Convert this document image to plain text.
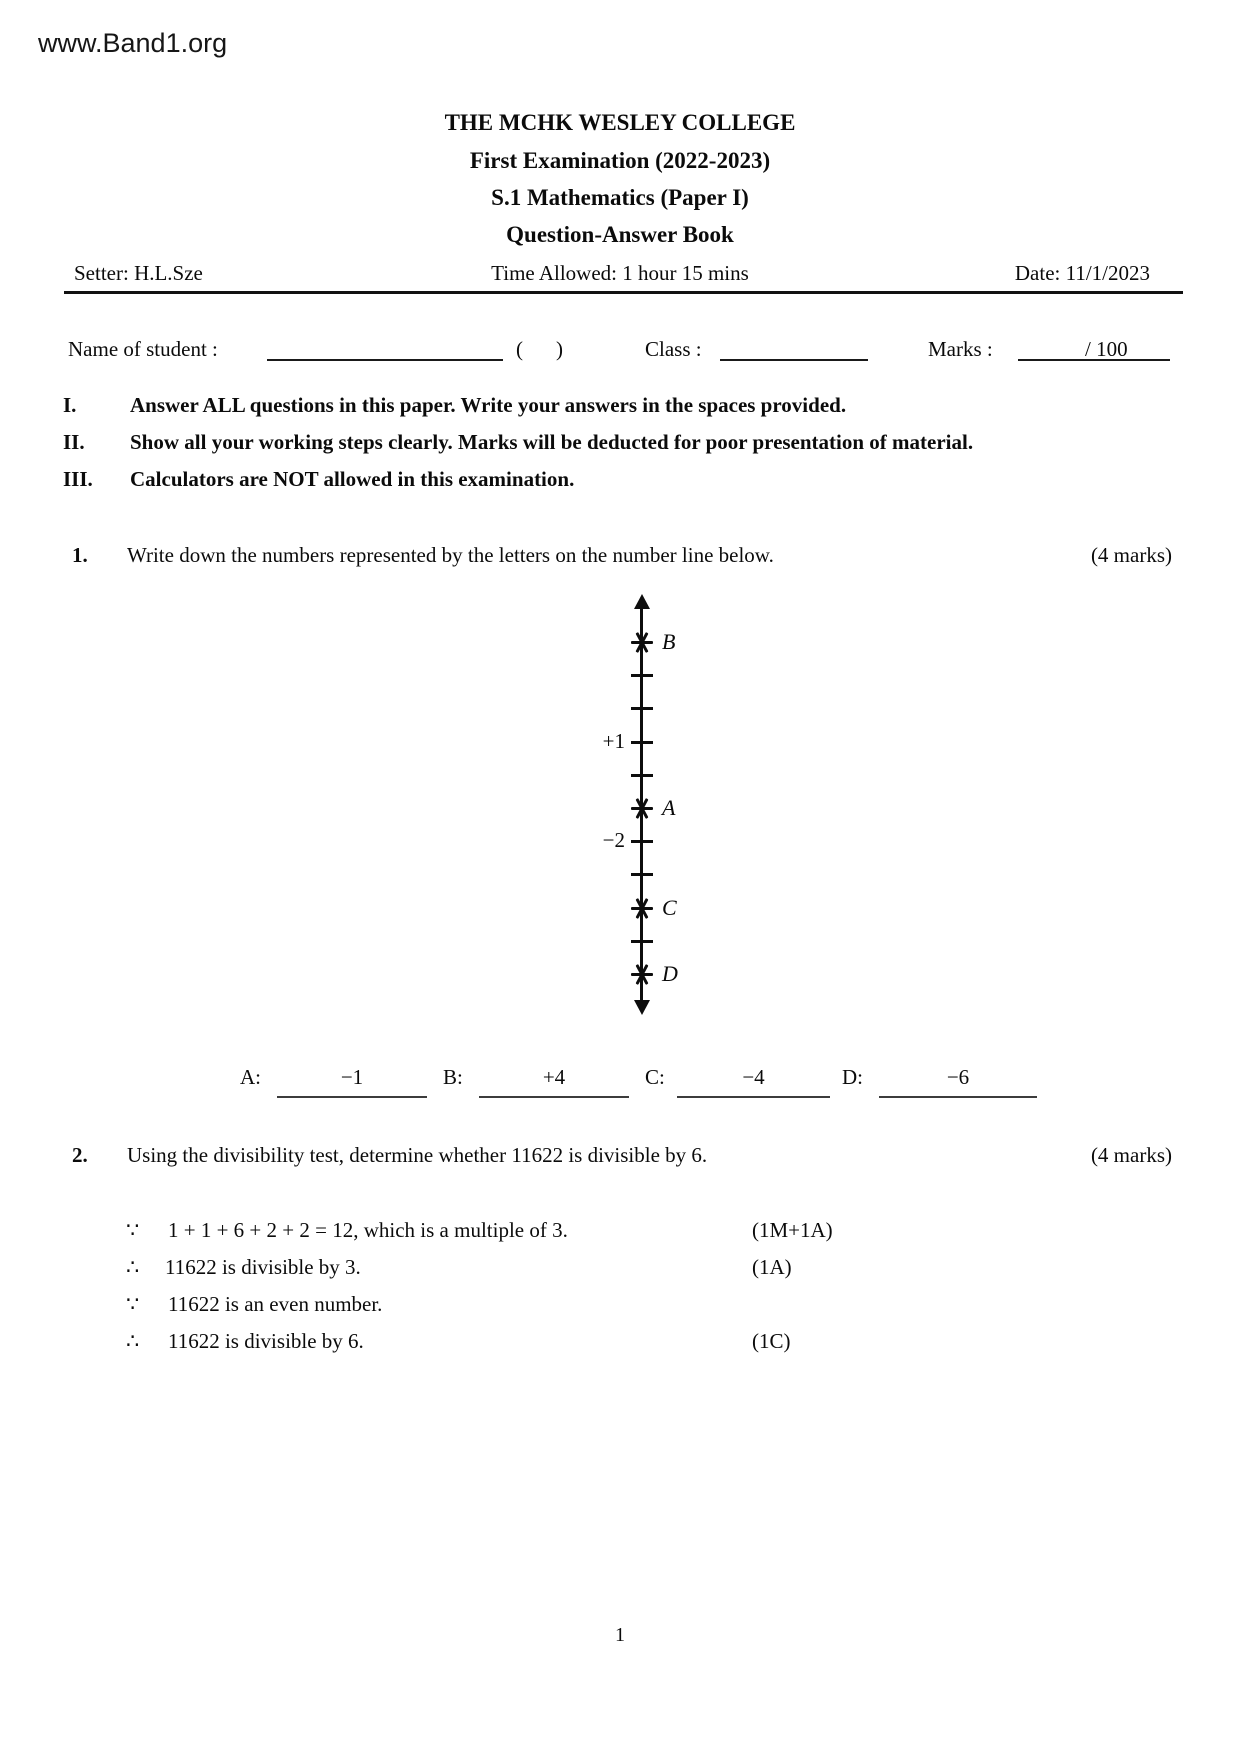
www.Band1.org
THE MCHK WESLEY COLLEGE
First Examination (2022-2023)
S.1 Mathematics (Paper I)
Question-Answer Book
Setter: H.L.Sze	Time Allowed: 1 hour 15 mins	Date: 11/1/2023
Name of student :	( )	Class :	Marks :	/ 100
I.	Answer ALL questions in this paper. Write your answers in the spaces provided.
II. Show all your working steps clearly. Marks will be deducted for poor presentation of material.
III. Calculators are NOT allowed in this examination.
1. Write down the numbers represented by the letters on the number line below.	(4 marks)
+1
−2
B
A
C
D
A:	−1	B:	+4	C:	−4	D:	−6
2. Using the divisibility test, determine whether 11622 is divisible by 6.	(4 marks)
∵ 1 + 1 + 6 + 2 + 2 = 12, which is a multiple of 3.	(1M+1A)
∴ 11622 is divisible by 3.	(1A)
∵ 11622 is an even number.
∴ 11622 is divisible by 6.	(1C)
1
